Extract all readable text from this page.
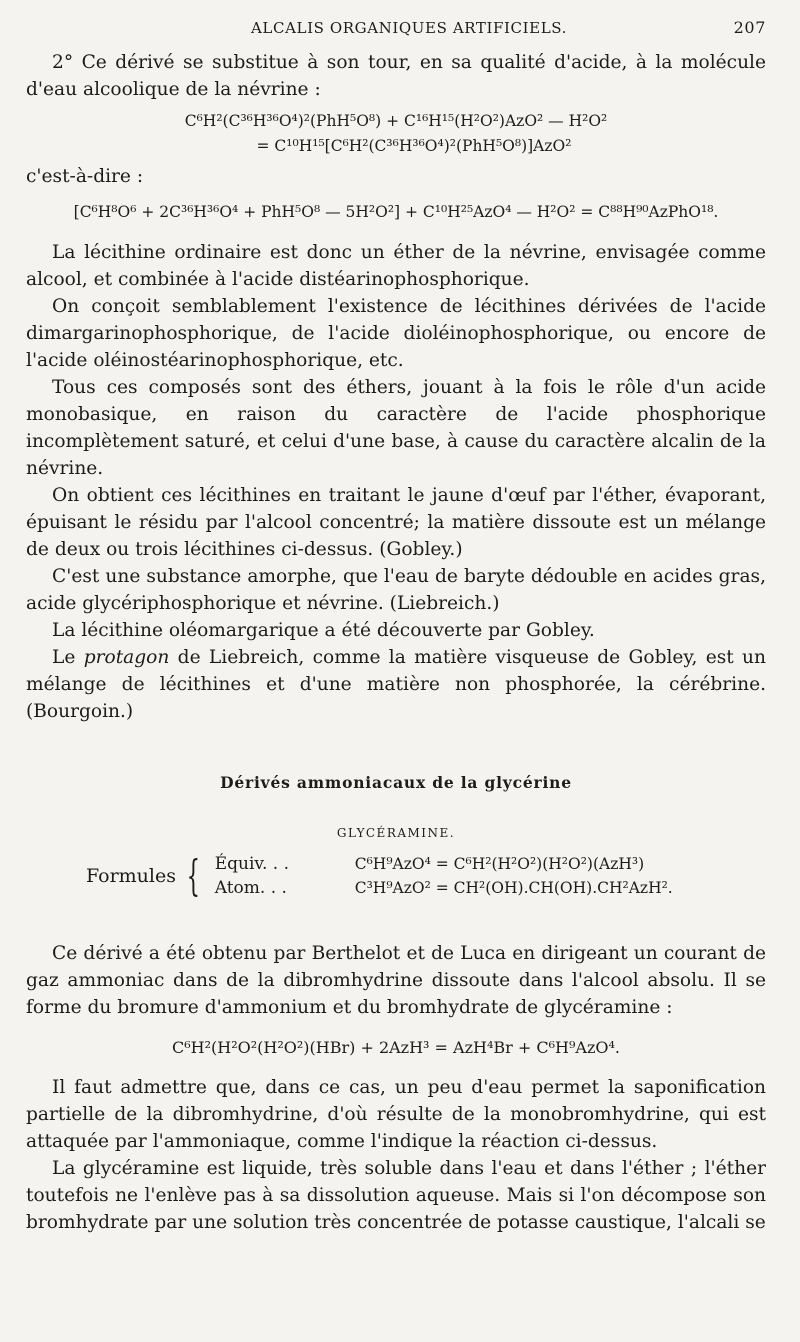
ALCALIS ORGANIQUES ARTIFICIELS.	207

2° Ce dérivé se substitue à son tour, en sa qualité d'acide, à la molécule d'eau alcoolique de la névrine :

C⁶H²(C³⁶H³⁶O⁴)²(PhH⁵O⁸) + C¹⁶H¹⁵(H²O²)AzO² — H²O²
= C¹⁰H¹⁵[C⁶H²(C³⁶H³⁶O⁴)²(PhH⁵O⁸)]AzO²

c'est-à-dire :

[C⁶H⁸O⁶ + 2C³⁶H³⁶O⁴ + PhH⁵O⁸ — 5H²O²] + C¹⁰H²⁵AzO⁴ — H²O² = C⁸⁸H⁹⁰AzPhO¹⁸.

La lécithine ordinaire est donc un éther de la névrine, envisagée comme alcool, et combinée à l'acide distéarinophosphorique.

On conçoit semblablement l'existence de lécithines dérivées de l'acide dimargarinophosphorique, de l'acide dioléinophosphorique, ou encore de l'acide oléinostéarinophosphorique, etc.

Tous ces composés sont des éthers, jouant à la fois le rôle d'un acide monobasique, en raison du caractère de l'acide phosphorique incomplètement saturé, et celui d'une base, à cause du caractère alcalin de la névrine.

On obtient ces lécithines en traitant le jaune d'œuf par l'éther, évaporant, épuisant le résidu par l'alcool concentré; la matière dissoute est un mélange de deux ou trois lécithines ci-dessus. (Gobley.)

C'est une substance amorphe, que l'eau de baryte dédouble en acides gras, acide glycériphosphorique et névrine. (Liebreich.)

La lécithine oléomargarique a été découverte par Gobley.

Le protagon de Liebreich, comme la matière visqueuse de Gobley, est un mélange de lécithines et d'une matière non phosphorée, la cérébrine. (Bourgoin.)

Dérivés ammoniacaux de la glycérine
GLYCÉRAMINE.
Formules { Équiv. . .	C⁶H⁹AzO⁴ = C⁶H²(H²O²)(H²O²)(AzH³)
Atom. . .	C³H⁹AzO² = CH²(OH).CH(OH).CH²AzH².

Ce dérivé a été obtenu par Berthelot et de Luca en dirigeant un courant de gaz ammoniac dans de la dibromhydrine dissoute dans l'alcool absolu. Il se forme du bromure d'ammonium et du bromhydrate de glycéramine :

C⁶H²(H²O²(H²O²)(HBr) + 2AzH³ = AzH⁴Br + C⁶H⁹AzO⁴.

Il faut admettre que, dans ce cas, un peu d'eau permet la saponification partielle de la dibromhydrine, d'où résulte de la monobromhydrine, qui est attaquée par l'ammoniaque, comme l'indique la réaction ci-dessus.

La glycéramine est liquide, très soluble dans l'eau et dans l'éther ; l'éther toutefois ne l'enlève pas à sa dissolution aqueuse. Mais si l'on décompose son bromhydrate par une solution très concentrée de potasse caustique, l'alcali se
